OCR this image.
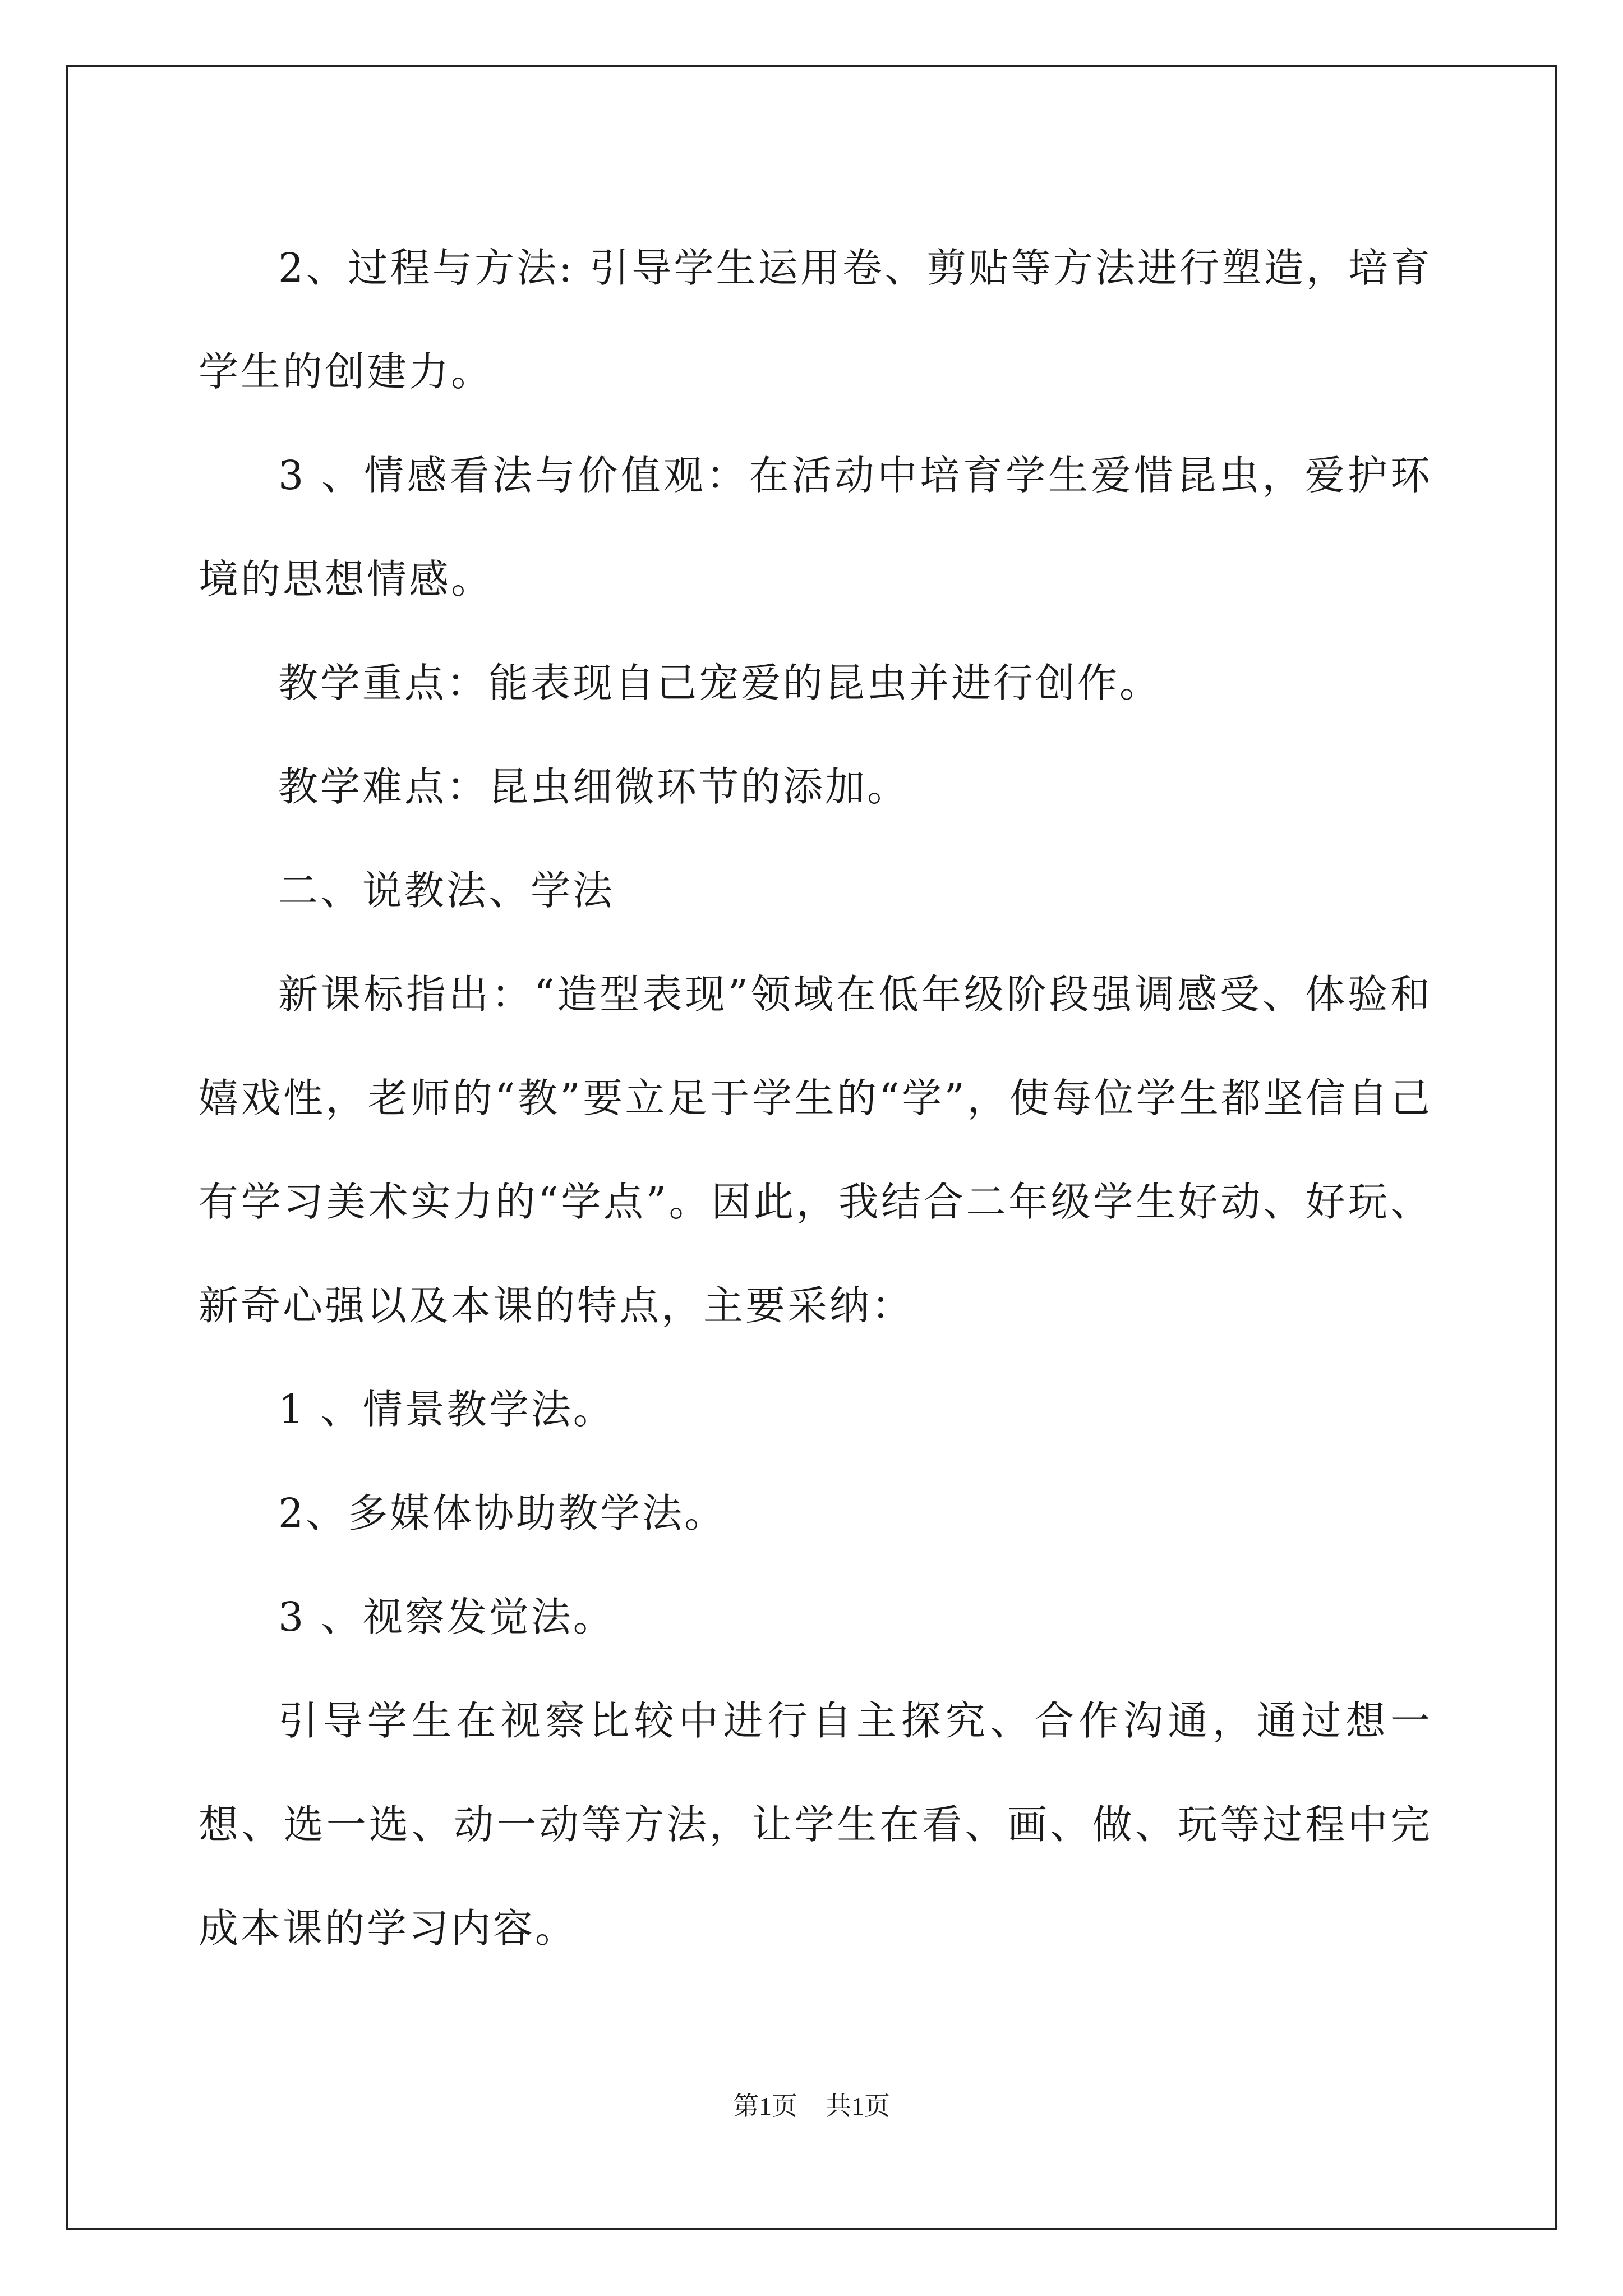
2、过程与方法: 引导学生运用卷、剪贴等方法进行塑造，培育学生的创建力。

3 、情感看法与价值观：在活动中培育学生爱惜昆虫，爱护环境的思想情感。

教学重点：能表现自己宠爱的昆虫并进行创作。

教学难点：昆虫细微环节的添加。

二、说教法、学法

新课标指出：“造型表现”领域在低年级阶段强调感受、体验和嬉戏性，老师的“教”要立足于学生的“学”，使每位学生都坚信自己有学习美术实力的“学点”。因此，我结合二年级学生好动、好玩、新奇心强以及本课的特点，主要采纳：

1 、情景教学法。

2、多媒体协助教学法。

3 、视察发觉法。

引导学生在视察比较中进行自主探究、合作沟通，通过想一想、选一选、动一动等方法，让学生在看、画、做、玩等过程中完成本课的学习内容。

第1页 共1页
